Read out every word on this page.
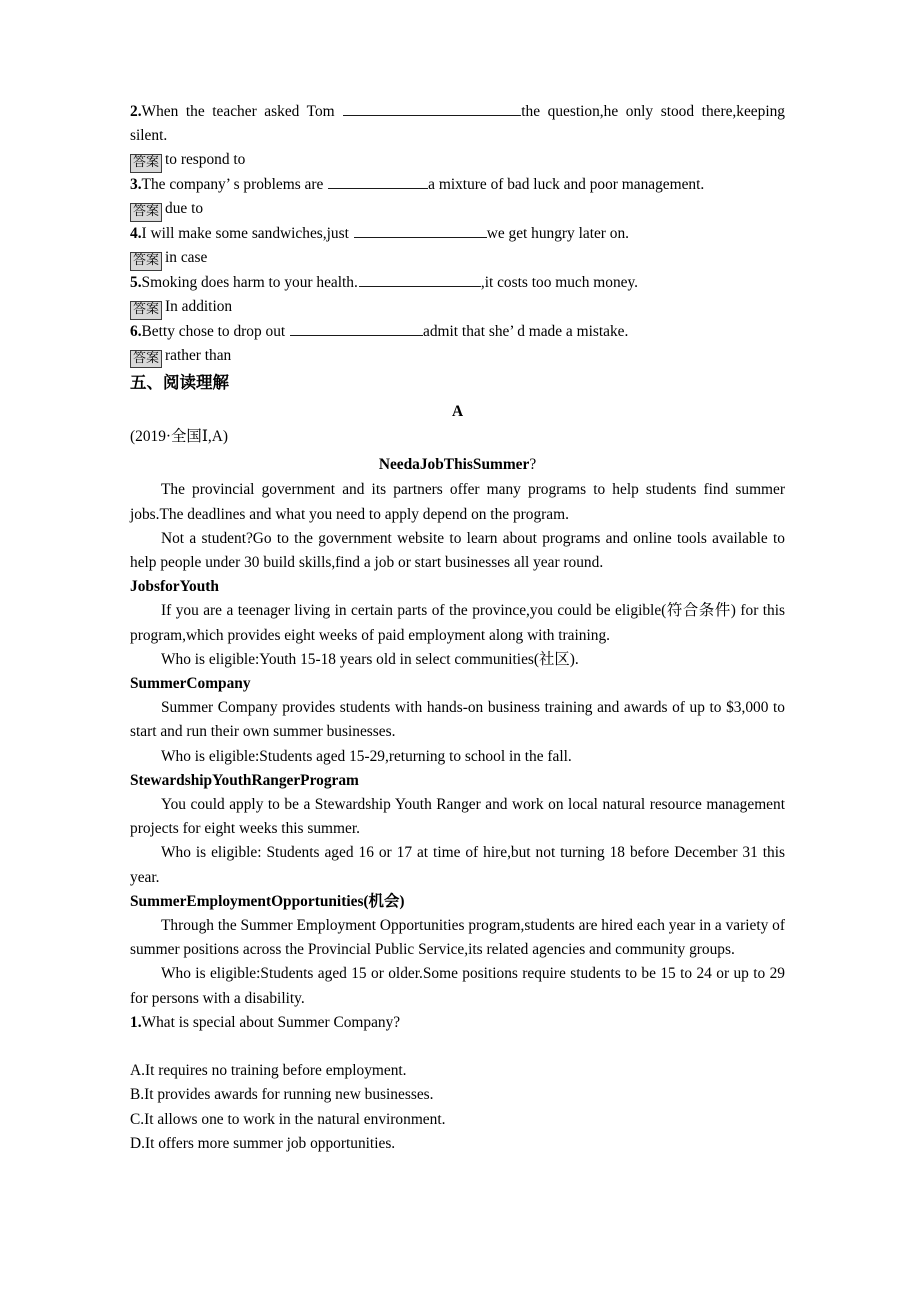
2.When the teacher asked Tom	the question,he only stood there,keeping silent.
答案 to respond to
3.The company’ s problems are	a mixture of bad luck and poor management.
答案 due to
4.I will make some sandwiches,just	we get hungry later on.
答案 in case
5.Smoking does harm to your health.	,it costs too much money.
答案 In addition
6.Betty chose to drop out	admit that she’ d made a mistake.
答案 rather than
五、阅读理解
A
(2019·全国Ⅰ,A)
NeedaJobThisSummer?
The provincial government and its partners offer many programs to help students find summer jobs.The deadlines and what you need to apply depend on the program.
Not a student?Go to the government website to learn about programs and online tools available to help people under 30 build skills,find a job or start businesses all year round.
JobsforYouth
If you are a teenager living in certain parts of the province,you could be eligible(符合条件) for this program,which provides eight weeks of paid employment along with training.
Who is eligible:Youth 15-18 years old in select communities(社区).
SummerCompany
Summer Company provides students with hands-on business training and awards of up to $3,000 to start and run their own summer businesses.
Who is eligible:Students aged 15-29,returning to school in the fall.
StewardshipYouthRangerProgram
You could apply to be a Stewardship Youth Ranger and work on local natural resource management projects for eight weeks this summer.
Who is eligible: Students aged 16 or 17 at time of hire,but not turning 18 before December 31 this year.
SummerEmploymentOpportunities(机会)
Through the Summer Employment Opportunities program,students are hired each year in a variety of summer positions across the Provincial Public Service,its related agencies and community groups.
Who is eligible:Students aged 15 or older.Some positions require students to be 15 to 24 or up to 29 for persons with a disability.
1.What is special about Summer Company?
A.It requires no training before employment.
B.It provides awards for running new businesses.
C.It allows one to work in the natural environment.
D.It offers more summer job opportunities.
